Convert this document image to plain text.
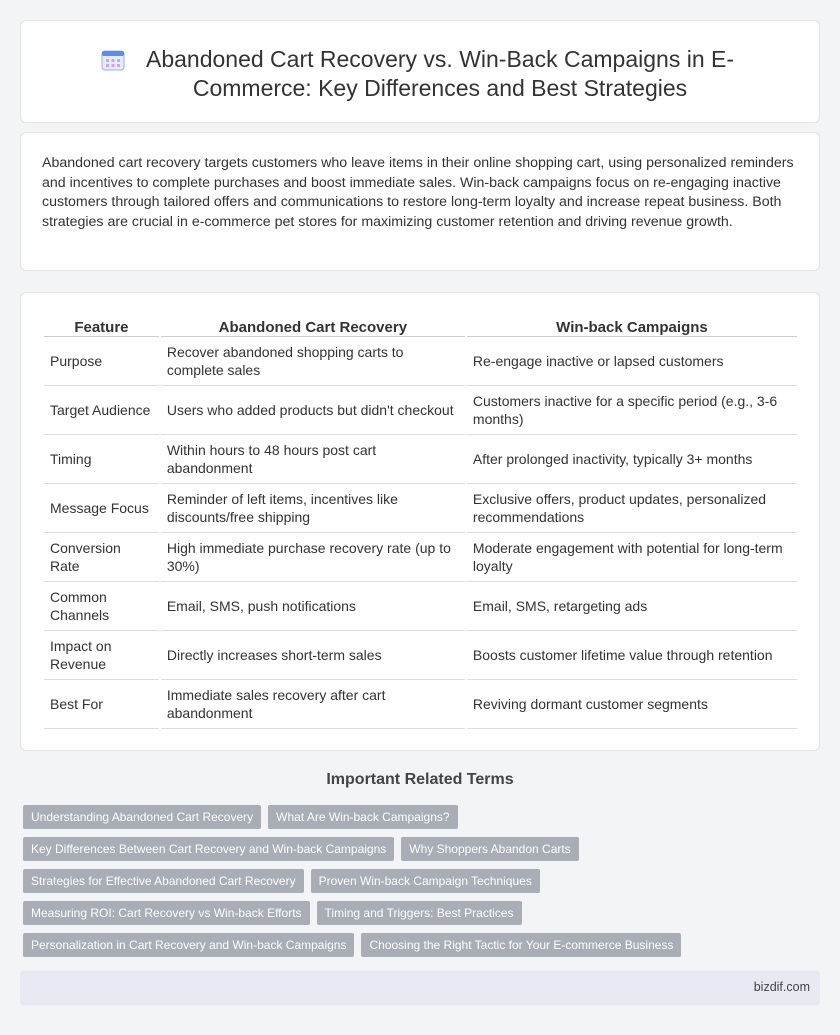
Abandoned Cart Recovery vs. Win-Back Campaigns in E-Commerce: Key Differences and Best Strategies

Abandoned cart recovery targets customers who leave items in their online shopping cart, using personalized reminders and incentives to complete purchases and boost immediate sales. Win-back campaigns focus on re-engaging inactive customers through tailored offers and communications to restore long-term loyalty and increase repeat business. Both strategies are crucial in e-commerce pet stores for maximizing customer retention and driving revenue growth.

Feature	Abandoned Cart Recovery	Win-back Campaigns
Purpose	Recover abandoned shopping carts to complete sales	Re-engage inactive or lapsed customers
Target Audience	Users who added products but didn't checkout	Customers inactive for a specific period (e.g., 3-6 months)
Timing	Within hours to 48 hours post cart abandonment	After prolonged inactivity, typically 3+ months
Message Focus	Reminder of left items, incentives like discounts/free shipping	Exclusive offers, product updates, personalized recommendations
Conversion Rate	High immediate purchase recovery rate (up to 30%)	Moderate engagement with potential for long-term loyalty
Common Channels	Email, SMS, push notifications	Email, SMS, retargeting ads
Impact on Revenue	Directly increases short-term sales	Boosts customer lifetime value through retention
Best For	Immediate sales recovery after cart abandonment	Reviving dormant customer segments
Important Related Terms
Understanding Abandoned Cart Recovery	What Are Win-back Campaigns?
Key Differences Between Cart Recovery and Win-back Campaigns	Why Shoppers Abandon Carts
Strategies for Effective Abandoned Cart Recovery	Proven Win-back Campaign Techniques
Measuring ROI: Cart Recovery vs Win-back Efforts	Timing and Triggers: Best Practices
Personalization in Cart Recovery and Win-back Campaigns	Choosing the Right Tactic for Your E-commerce Business
bizdif.com
